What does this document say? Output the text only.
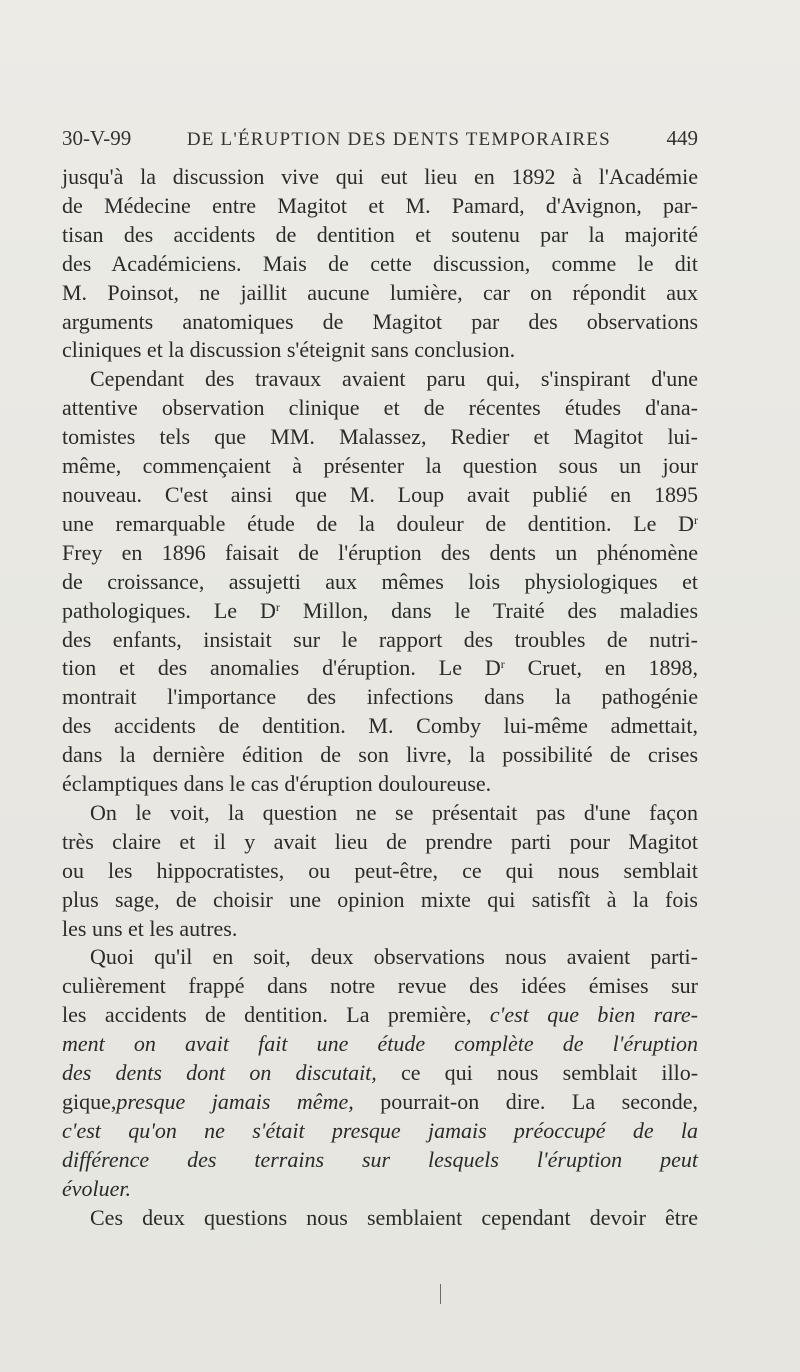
30-V-99	DE L'ÉRUPTION DES DENTS TEMPORAIRES	449
jusqu'à la discussion vive qui eut lieu en 1892 à l'Académie
de Médecine entre Magitot et M. Pamard, d'Avignon, par-
tisan des accidents de dentition et soutenu par la majorité
des Académiciens. Mais de cette discussion, comme le dit
M. Poinsot, ne jaillit aucune lumière, car on répondit aux
arguments anatomiques de Magitot par des observations
cliniques et la discussion s'éteignit sans conclusion.
Cependant des travaux avaient paru qui, s'inspirant d'une
attentive observation clinique et de récentes études d'ana-
tomistes tels que MM. Malassez, Redier et Magitot lui-
même, commençaient à présenter la question sous un jour
nouveau. C'est ainsi que M. Loup avait publié en 1895
une remarquable étude de la douleur de dentition. Le $D^r$
Frey en 1896 faisait de l'éruption des dents un phénomène
de croissance, assujetti aux mêmes lois physiologiques et
pathologiques. Le $D^r$ Millon, dans le Traité des maladies
des enfants, insistait sur le rapport des troubles de nutri-
tion et des anomalies d'éruption. Le $D^r$ Cruet, en 1898,
montrait l'importance des infections dans la pathogénie
des accidents de dentition. M. Comby lui-même admettait,
dans la dernière édition de son livre, la possibilité de crises
éclamptiques dans le cas d'éruption douloureuse.
On le voit, la question ne se présentait pas d'une façon
très claire et il y avait lieu de prendre parti pour Magitot
ou les hippocratistes, ou peut-être, ce qui nous semblait
plus sage, de choisir une opinion mixte qui satisfît à la fois
les uns et les autres.
Quoi qu'il en soit, deux observations nous avaient parti-
culièrement frappé dans notre revue des idées émises sur
les accidents de dentition. La première, c'est que bien rare-
ment on avait fait une étude complète de l'éruption
des dents dont on discutait, ce qui nous semblait illo-
gique,presque jamais même, pourrait-on dire. La seconde,
c'est qu'on ne s'était presque jamais préoccupé de la
différence des terrains sur lesquels l'éruption peut
évoluer.
Ces deux questions nous semblaient cependant devoir être
